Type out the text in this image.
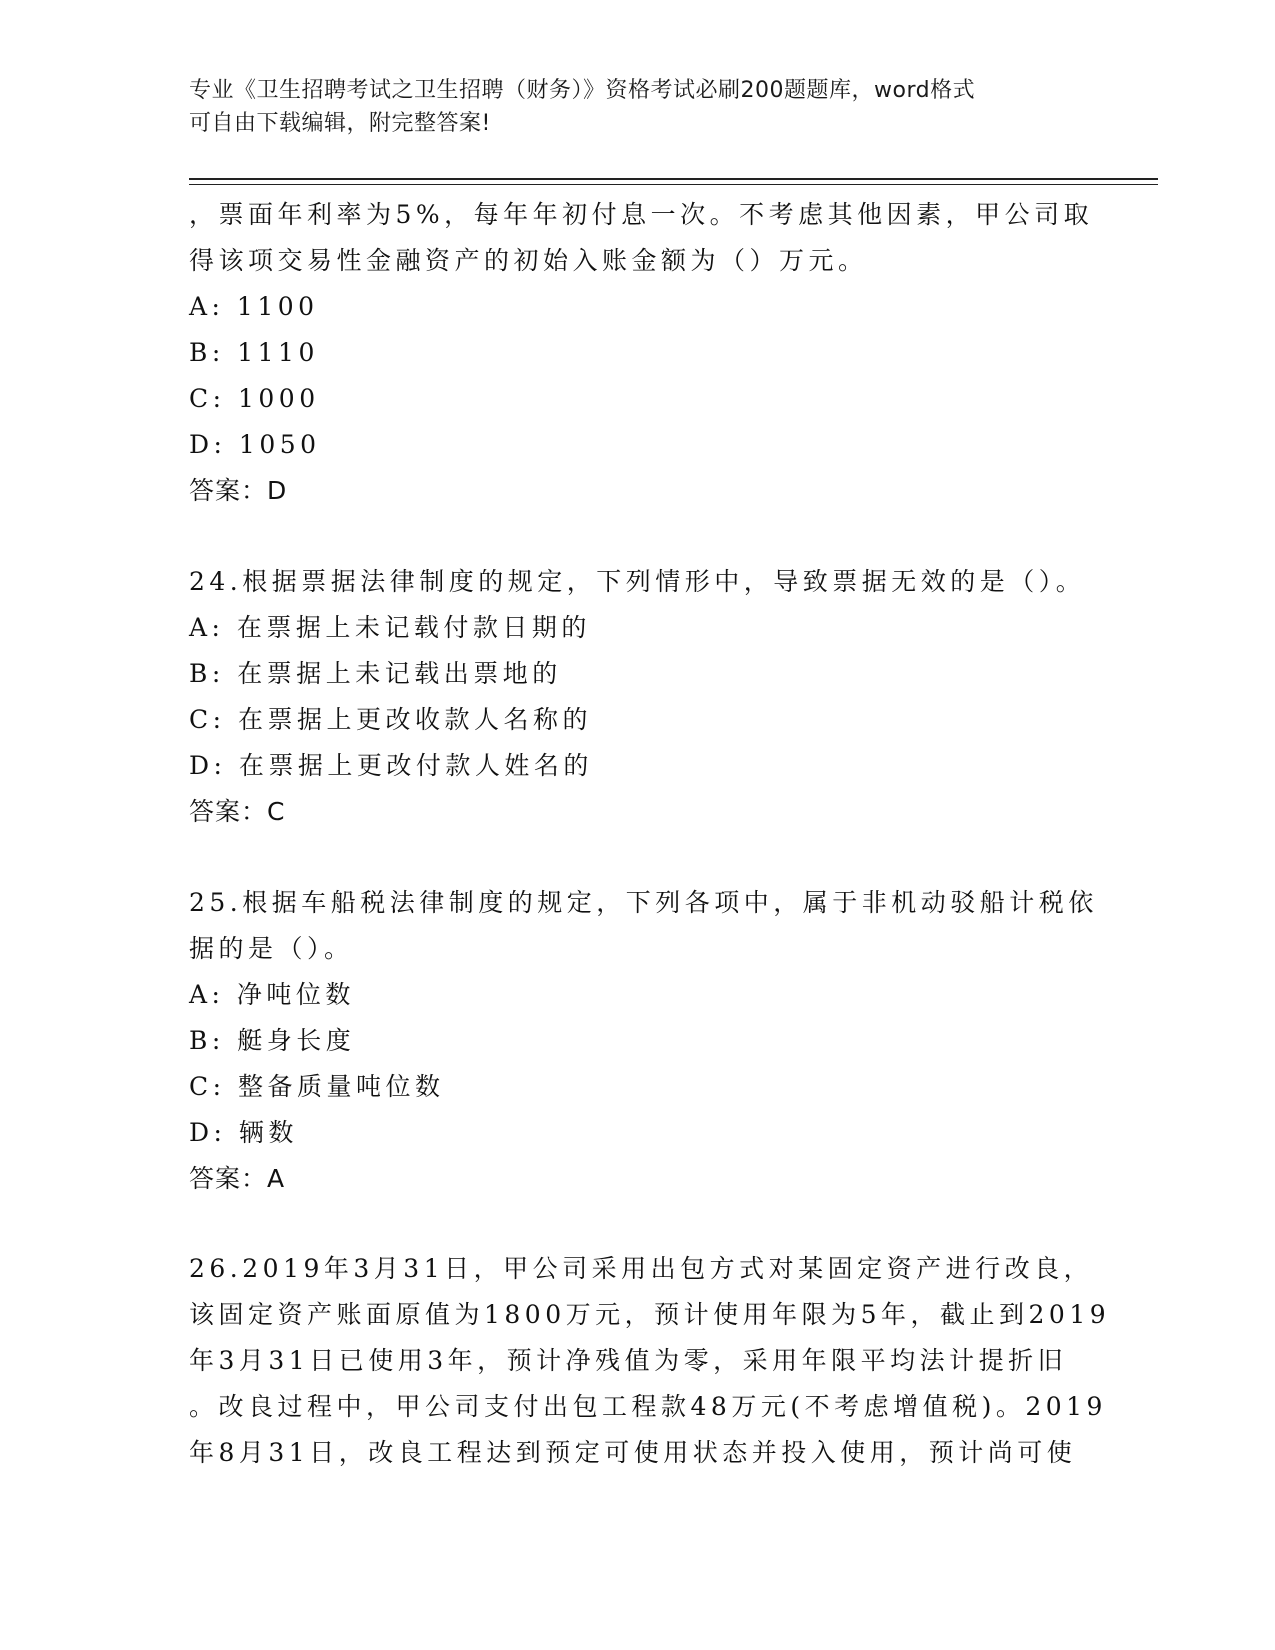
专业《卫生招聘考试之卫生招聘（财务）》资格考试必刷200题题库，word格式
可自由下载编辑，附完整答案!
，票面年利率为5%，每年年初付息一次。不考虑其他因素，甲公司取
得该项交易性金融资产的初始入账金额为（）万元。
A: 1100
B: 1110
C: 1000
D: 1050
答案：D
24.根据票据法律制度的规定，下列情形中，导致票据无效的是（）。
A: 在票据上未记载付款日期的
B: 在票据上未记载出票地的
C: 在票据上更改收款人名称的
D: 在票据上更改付款人姓名的
答案：C
25.根据车船税法律制度的规定，下列各项中，属于非机动驳船计税依
据的是（）。
A: 净吨位数
B: 艇身长度
C: 整备质量吨位数
D: 辆数
答案：A
26.2019年3月31日，甲公司采用出包方式对某固定资产进行改良，
该固定资产账面原值为1800万元，预计使用年限为5年，截止到2019
年3月31日已使用3年，预计净残值为零，采用年限平均法计提折旧
。改良过程中，甲公司支付出包工程款48万元(不考虑增值税)。2019
年8月31日，改良工程达到预定可使用状态并投入使用，预计尚可使
